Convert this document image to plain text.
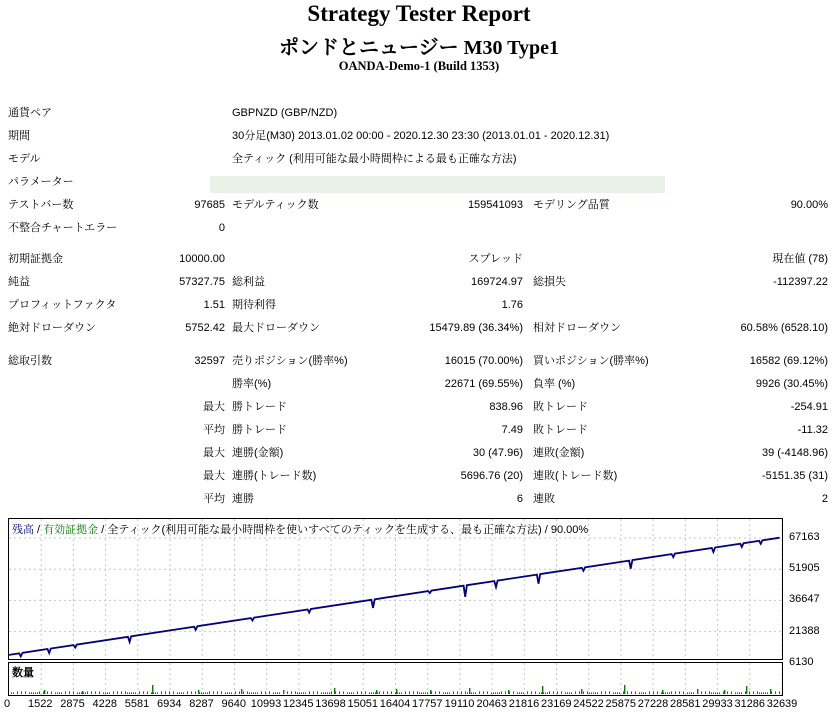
Strategy Tester Report
ポンドとニュージー M30 Type1
OANDA-Demo-1 (Build 1353)
通貨ペア	GBPNZD (GBP/NZD)
期間	30分足(M30) 2013.01.02 00:00 - 2020.12.30 23:30 (2013.01.01 - 2020.12.31)
モデル	全ティック (利用可能な最小時間枠による最も正確な方法)
パラメーター
テストバー数	97685 モデルティック数	159541093 モデリング品質	90.00%
不整合チャートエラー	0
初期証拠金	10000.00	スプレッド	現在値 (78)
純益	57327.75 総利益	169724.97 総損失	-112397.22
プロフィットファクタ	1.51 期待利得	1.76
絶対ドローダウン	5752.42 最大ドローダウン	15479.89 (36.34%) 相対ドローダウン	60.58% (6528.10)
総取引数	32597 売りポジション(勝率%)	16015 (70.00%) 買いポジション(勝率%)	16582 (69.12%)
勝率(%)	22671 (69.55%) 負率 (%)	9926 (30.45%)
最大 勝トレード	838.96 敗トレード	-254.91
平均 勝トレード	7.49 敗トレード	-11.32
最大 連勝(金額)	30 (47.96) 連敗(金額)	39 (-4148.96)
最大 連勝(トレード数)	5696.76 (20) 連敗(トレード数)	-5151.35 (31)
平均 連勝	6 連敗	2
残高 / 有効証拠金 / 全ティック(利用可能な最小時間枠を使いすべてのティックを生成する、最も正確な方法) / 90.00%
数量
67163
51905
36647
21388
6130
0 1522 2875 4228 5581 6934 8287 9640 10993 12345 13698 15051 16404 17757 19110 20463 21816 23169 24522 25875 27228 28581 29933 31286 32639
